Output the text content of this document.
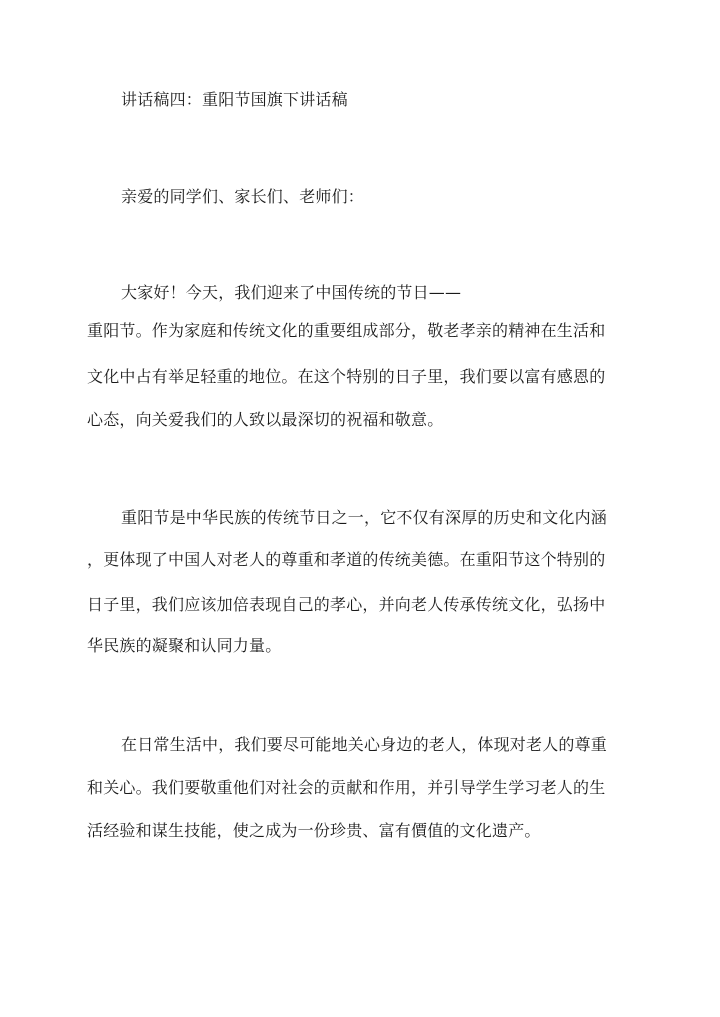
讲话稿四：重阳节国旗下讲话稿
亲爱的同学们、家长们、老师们：
大家好！今天，我们迎来了中国传统的节日——
重阳节。作为家庭和传统文化的重要组成部分，敬老孝亲的精神在生活和
文化中占有举足轻重的地位。在这个特别的日子里，我们要以富有感恩的
心态，向关爱我们的人致以最深切的祝福和敬意。
重阳节是中华民族的传统节日之一，它不仅有深厚的历史和文化内涵
，更体现了中国人对老人的尊重和孝道的传统美德。在重阳节这个特别的
日子里，我们应该加倍表现自己的孝心，并向老人传承传统文化，弘扬中
华民族的凝聚和认同力量。
在日常生活中，我们要尽可能地关心身边的老人，体现对老人的尊重
和关心。我们要敬重他们对社会的贡献和作用，并引导学生学习老人的生
活经验和谋生技能，使之成为一份珍贵、富有價值的文化遗产。
